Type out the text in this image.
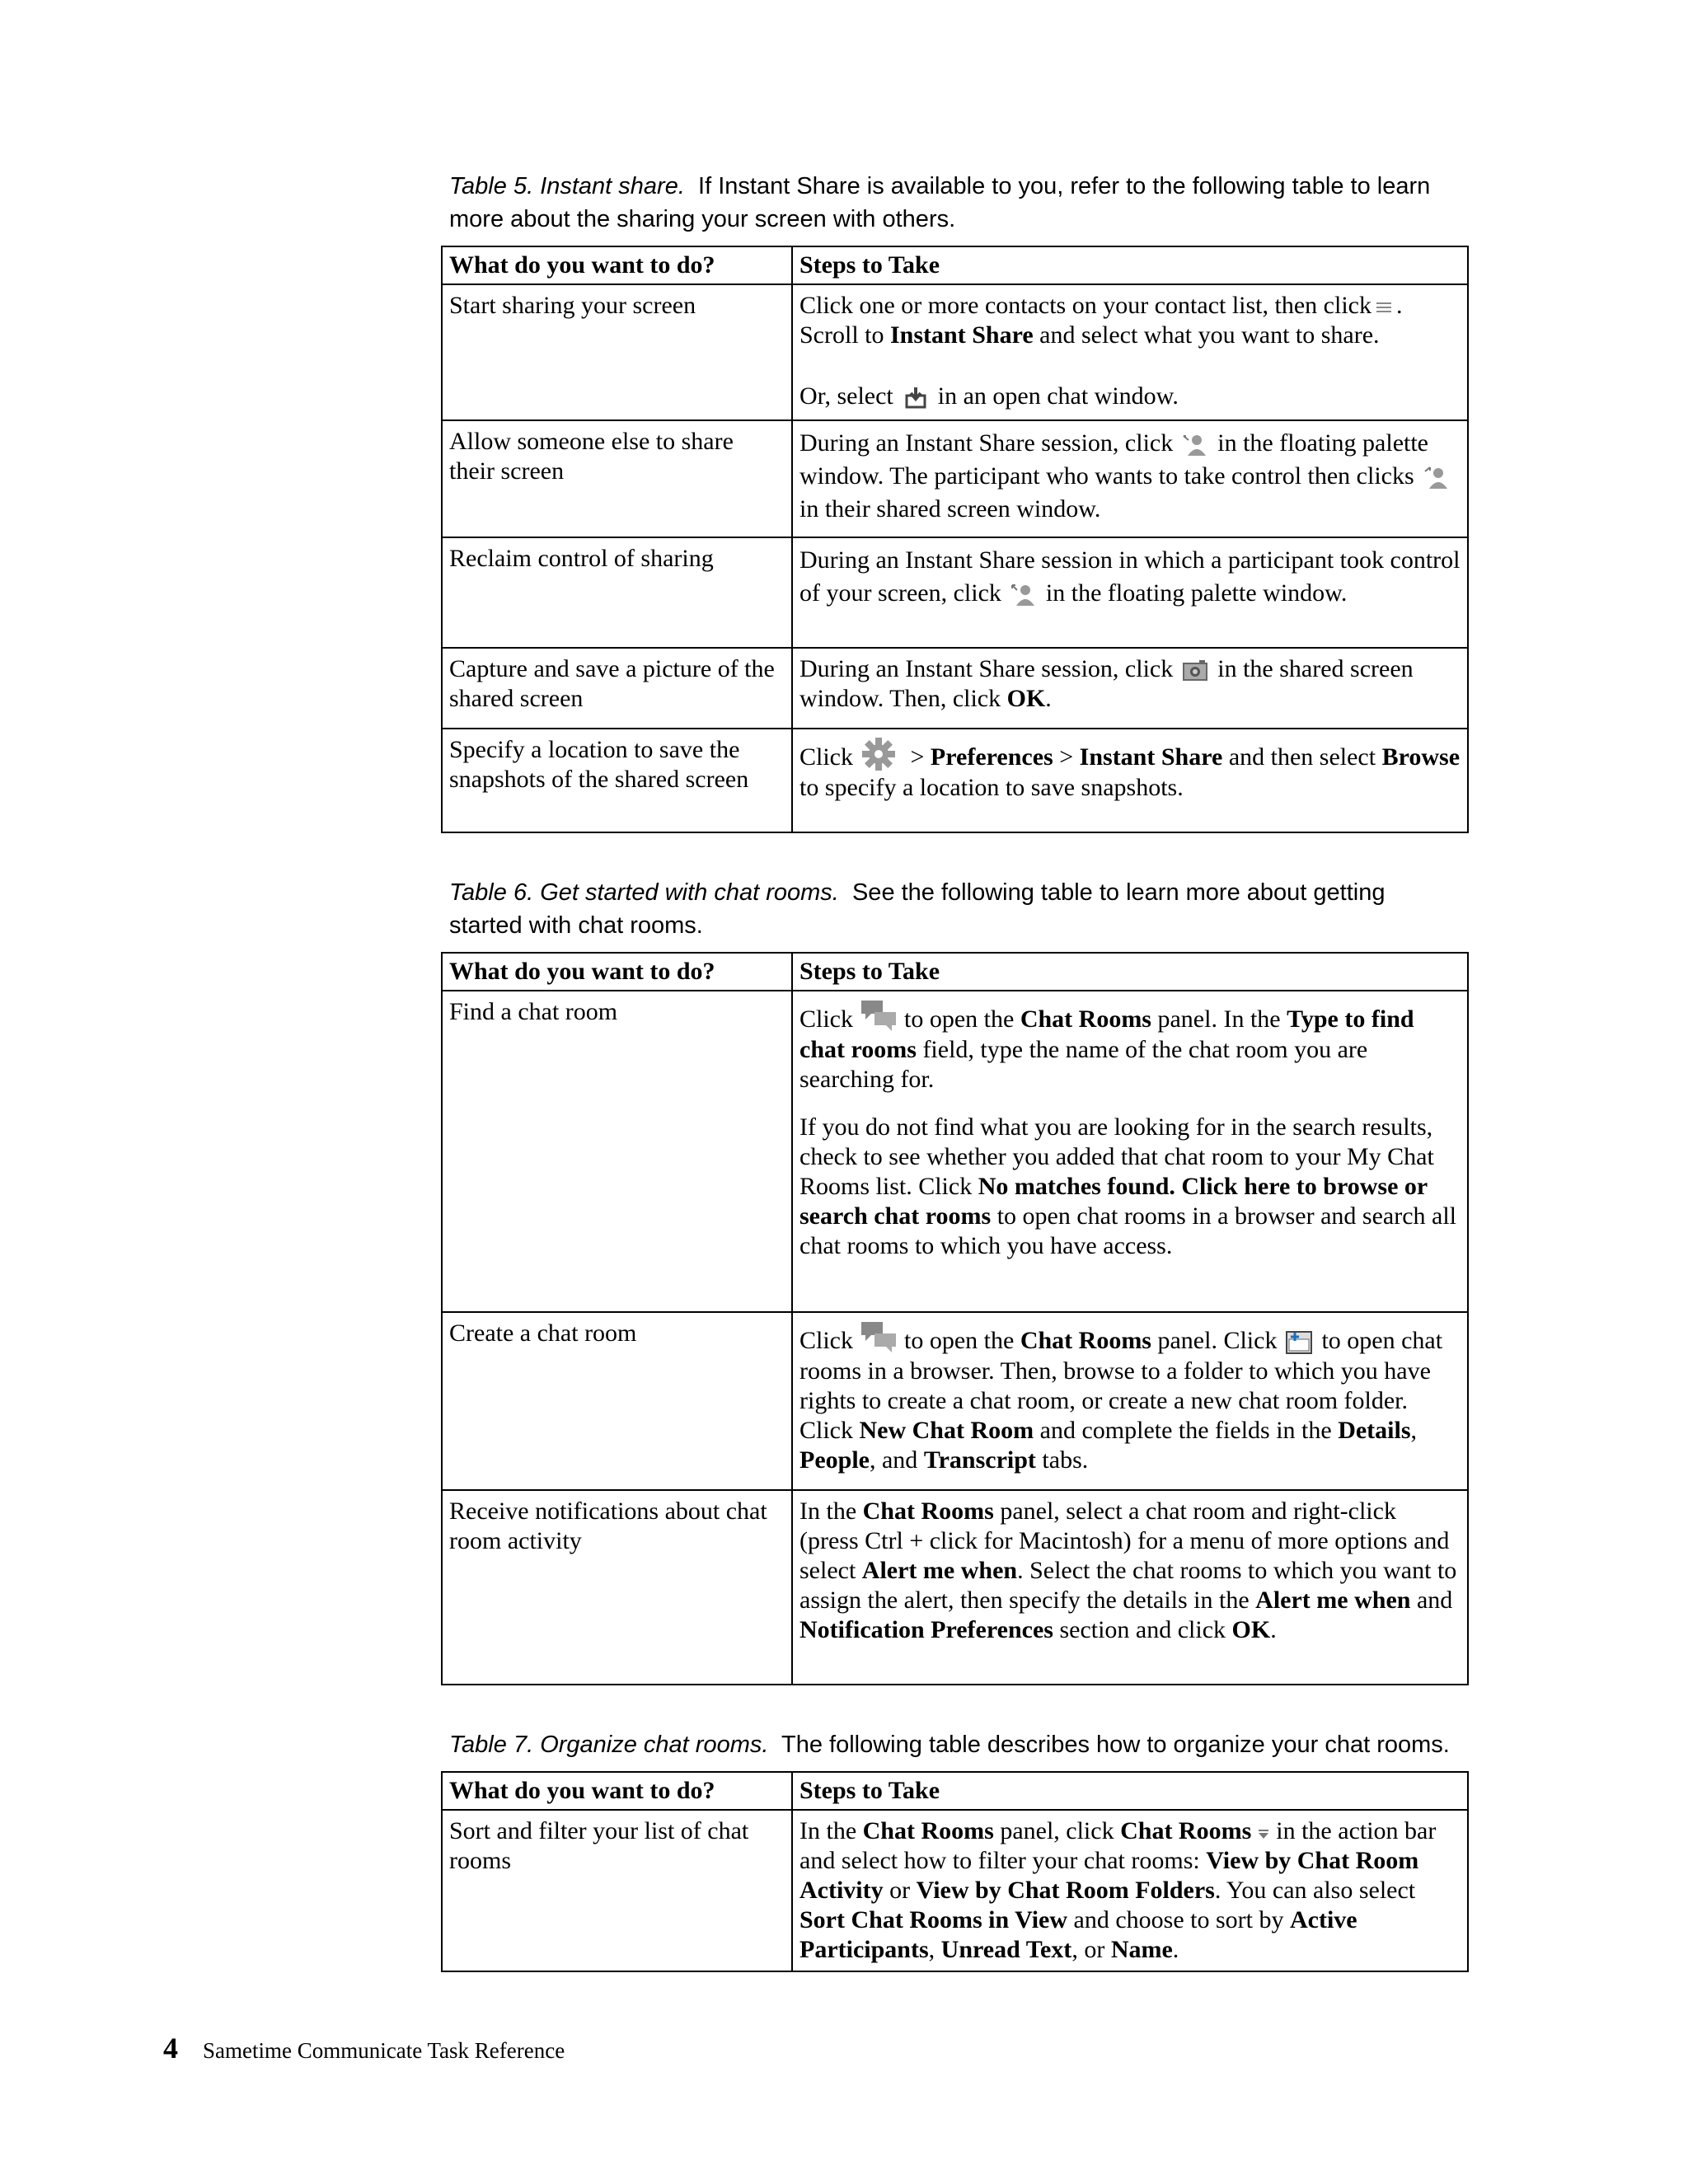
Table 5. Instant share. If Instant Share is available to you, refer to the following table to learn more about the sharing your screen with others.
What do you want to do?	Steps to Take
Start sharing your screen	Click one or more contacts on your contact list, then click . Scroll to Instant Share and select what you want to share.

Or, select in an open chat window.

Allow someone else to share their screen	During an Instant Share session, click in the floating palette window. The participant who wants to take control then clicks
in their shared screen window.

Reclaim control of sharing	During an Instant Share session in which a participant took control of your screen, click in the floating palette window.

Capture and save a picture of the shared screen	During an Instant Share session, click in the shared screen window. Then, click OK.

Specify a location to save the snapshots of the shared screen	Click
> Preferences > Instant Share and then select Browse to specify a location to save snapshots.

Table 6. Get started with chat rooms. See the following table to learn more about getting started with chat rooms.
What do you want to do?	Steps to Take
Find a chat room	Click to open the Chat Rooms panel. In the Type to find chat rooms field, type the name of the chat room you are searching for.

If you do not find what you are looking for in the search results, check to see whether you added that chat room to your My Chat Rooms list. Click No matches found. Click here to browse or search chat rooms to open chat rooms in a browser and search all chat rooms to which you have access.

Create a chat room	Click to open the Chat Rooms panel. Click to open chat rooms in a browser. Then, browse to a folder to which you have rights to create a chat room, or create a new chat room folder. Click New Chat Room and complete the fields in the Details, People, and Transcript tabs.

Receive notifications about chat room activity	In the Chat Rooms panel, select a chat room and right-click (press Ctrl + click for Macintosh) for a menu of more options and select Alert me when. Select the chat rooms to which you want to assign the alert, then specify the details in the Alert me when and Notification Preferences section and click OK.

Table 7. Organize chat rooms. The following table describes how to organize your chat rooms.
What do you want to do?	Steps to Take
Sort and filter your list of chat rooms	In the Chat Rooms panel, click Chat Rooms in the action bar and select how to filter your chat rooms: View by Chat Room Activity or View by Chat Room Folders. You can also select Sort Chat Rooms in View and choose to sort by Active Participants, Unread Text, or Name.

4 Sametime Communicate Task Reference
